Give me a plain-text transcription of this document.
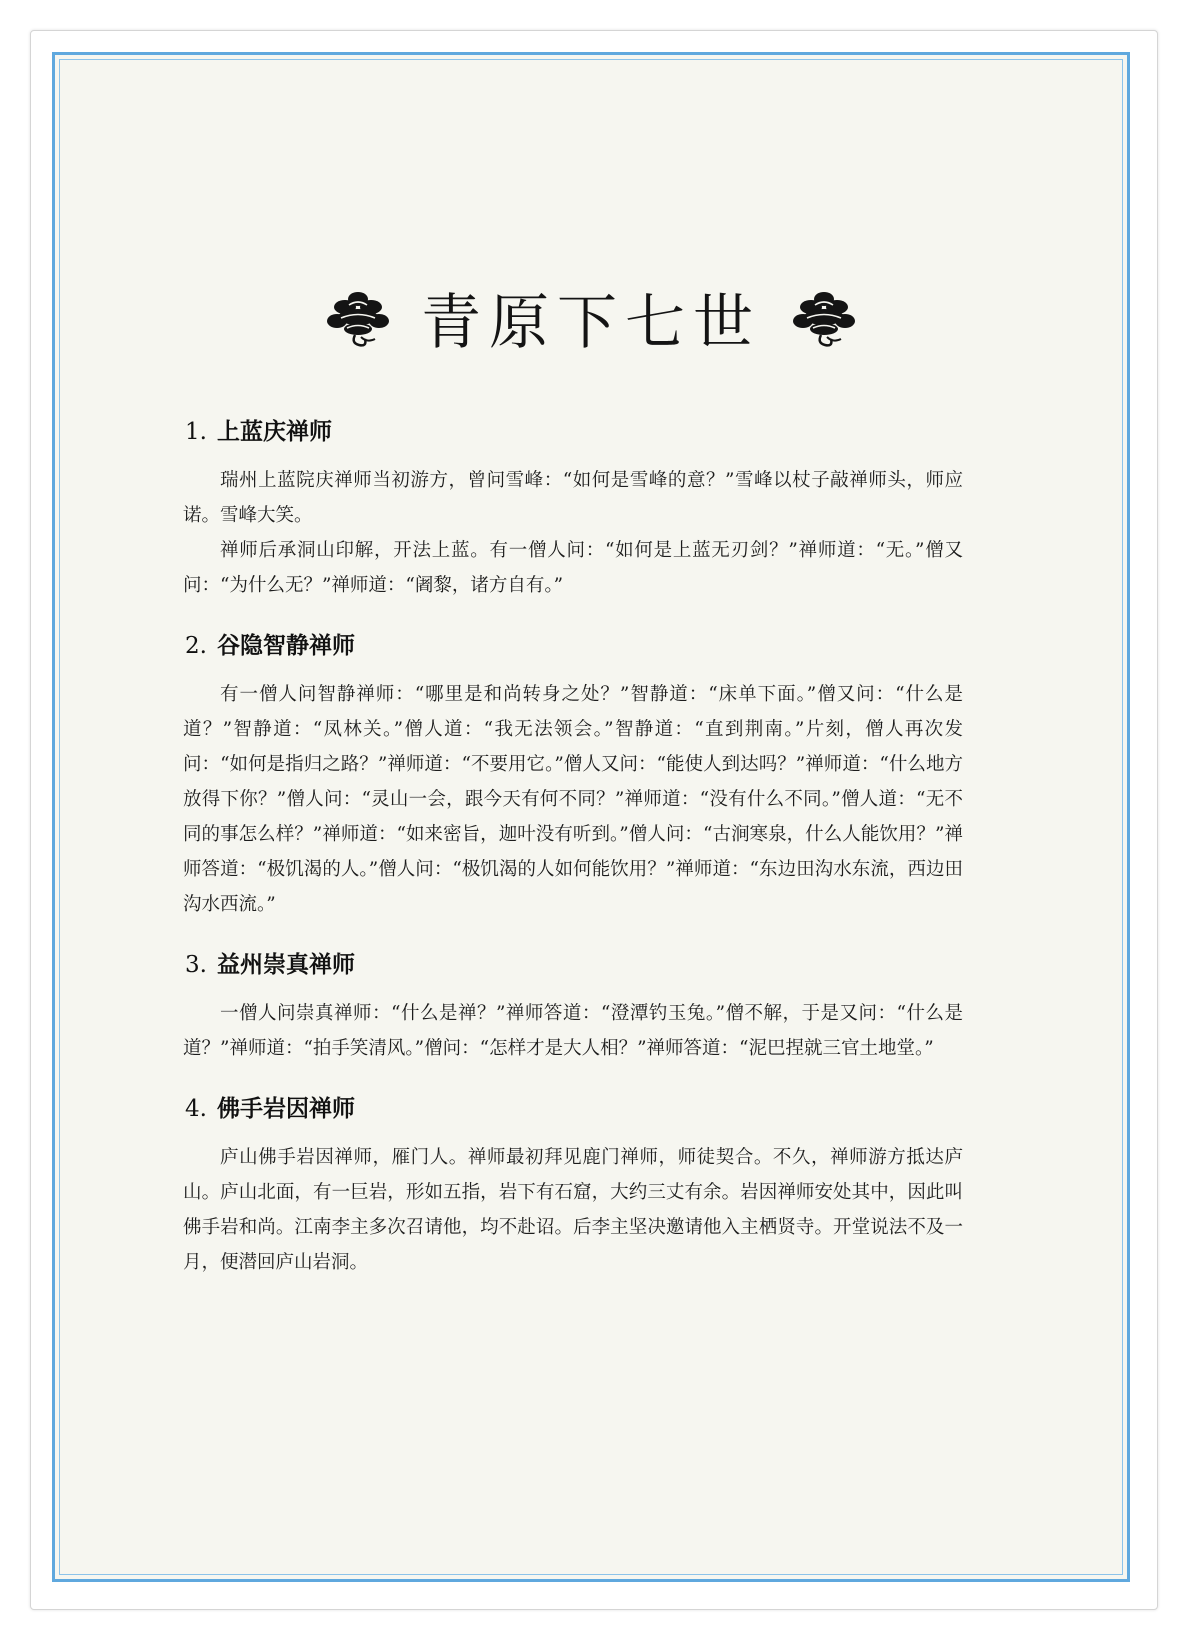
青原下七世
1. 上蓝庆禅师

瑞州上蓝院庆禅师当初游方，曾问雪峰：“如何是雪峰的意？”雪峰以杖子敲禅师头，师应诺。雪峰大笑。

禅师后承洞山印解，开法上蓝。有一僧人问：“如何是上蓝无刃剑？”禅师道：“无。”僧又问：“为什么无？”禅师道：“阇黎，诸方自有。”

2. 谷隐智静禅师

有一僧人问智静禅师：“哪里是和尚转身之处？”智静道：“床单下面。”僧又问：“什么是道？”智静道：“凤林关。”僧人道：“我无法领会。”智静道：“直到荆南。”片刻，僧人再次发问：“如何是指归之路？”禅师道：“不要用它。”僧人又问：“能使人到达吗？”禅师道：“什么地方放得下你？”僧人问：“灵山一会，跟今天有何不同？”禅师道：“没有什么不同。”僧人道：“无不同的事怎么样？”禅师道：“如来密旨，迦叶没有听到。”僧人问：“古涧寒泉，什么人能饮用？”禅师答道：“极饥渴的人。”僧人问：“极饥渴的人如何能饮用？”禅师道：“东边田沟水东流，西边田沟水西流。”

3. 益州崇真禅师

一僧人问崇真禅师：“什么是禅？”禅师答道：“澄潭钓玉兔。”僧不解，于是又问：“什么是道？”禅师道：“拍手笑清风。”僧问：“怎样才是大人相？”禅师答道：“泥巴捏就三官土地堂。”

4. 佛手岩因禅师

庐山佛手岩因禅师，雁门人。禅师最初拜见鹿门禅师，师徒契合。不久，禅师游方抵达庐山。庐山北面，有一巨岩，形如五指，岩下有石窟，大约三丈有余。岩因禅师安处其中，因此叫佛手岩和尚。江南李主多次召请他，均不赴诏。后李主坚决邀请他入主栖贤寺。开堂说法不及一月，便潜回庐山岩洞。
